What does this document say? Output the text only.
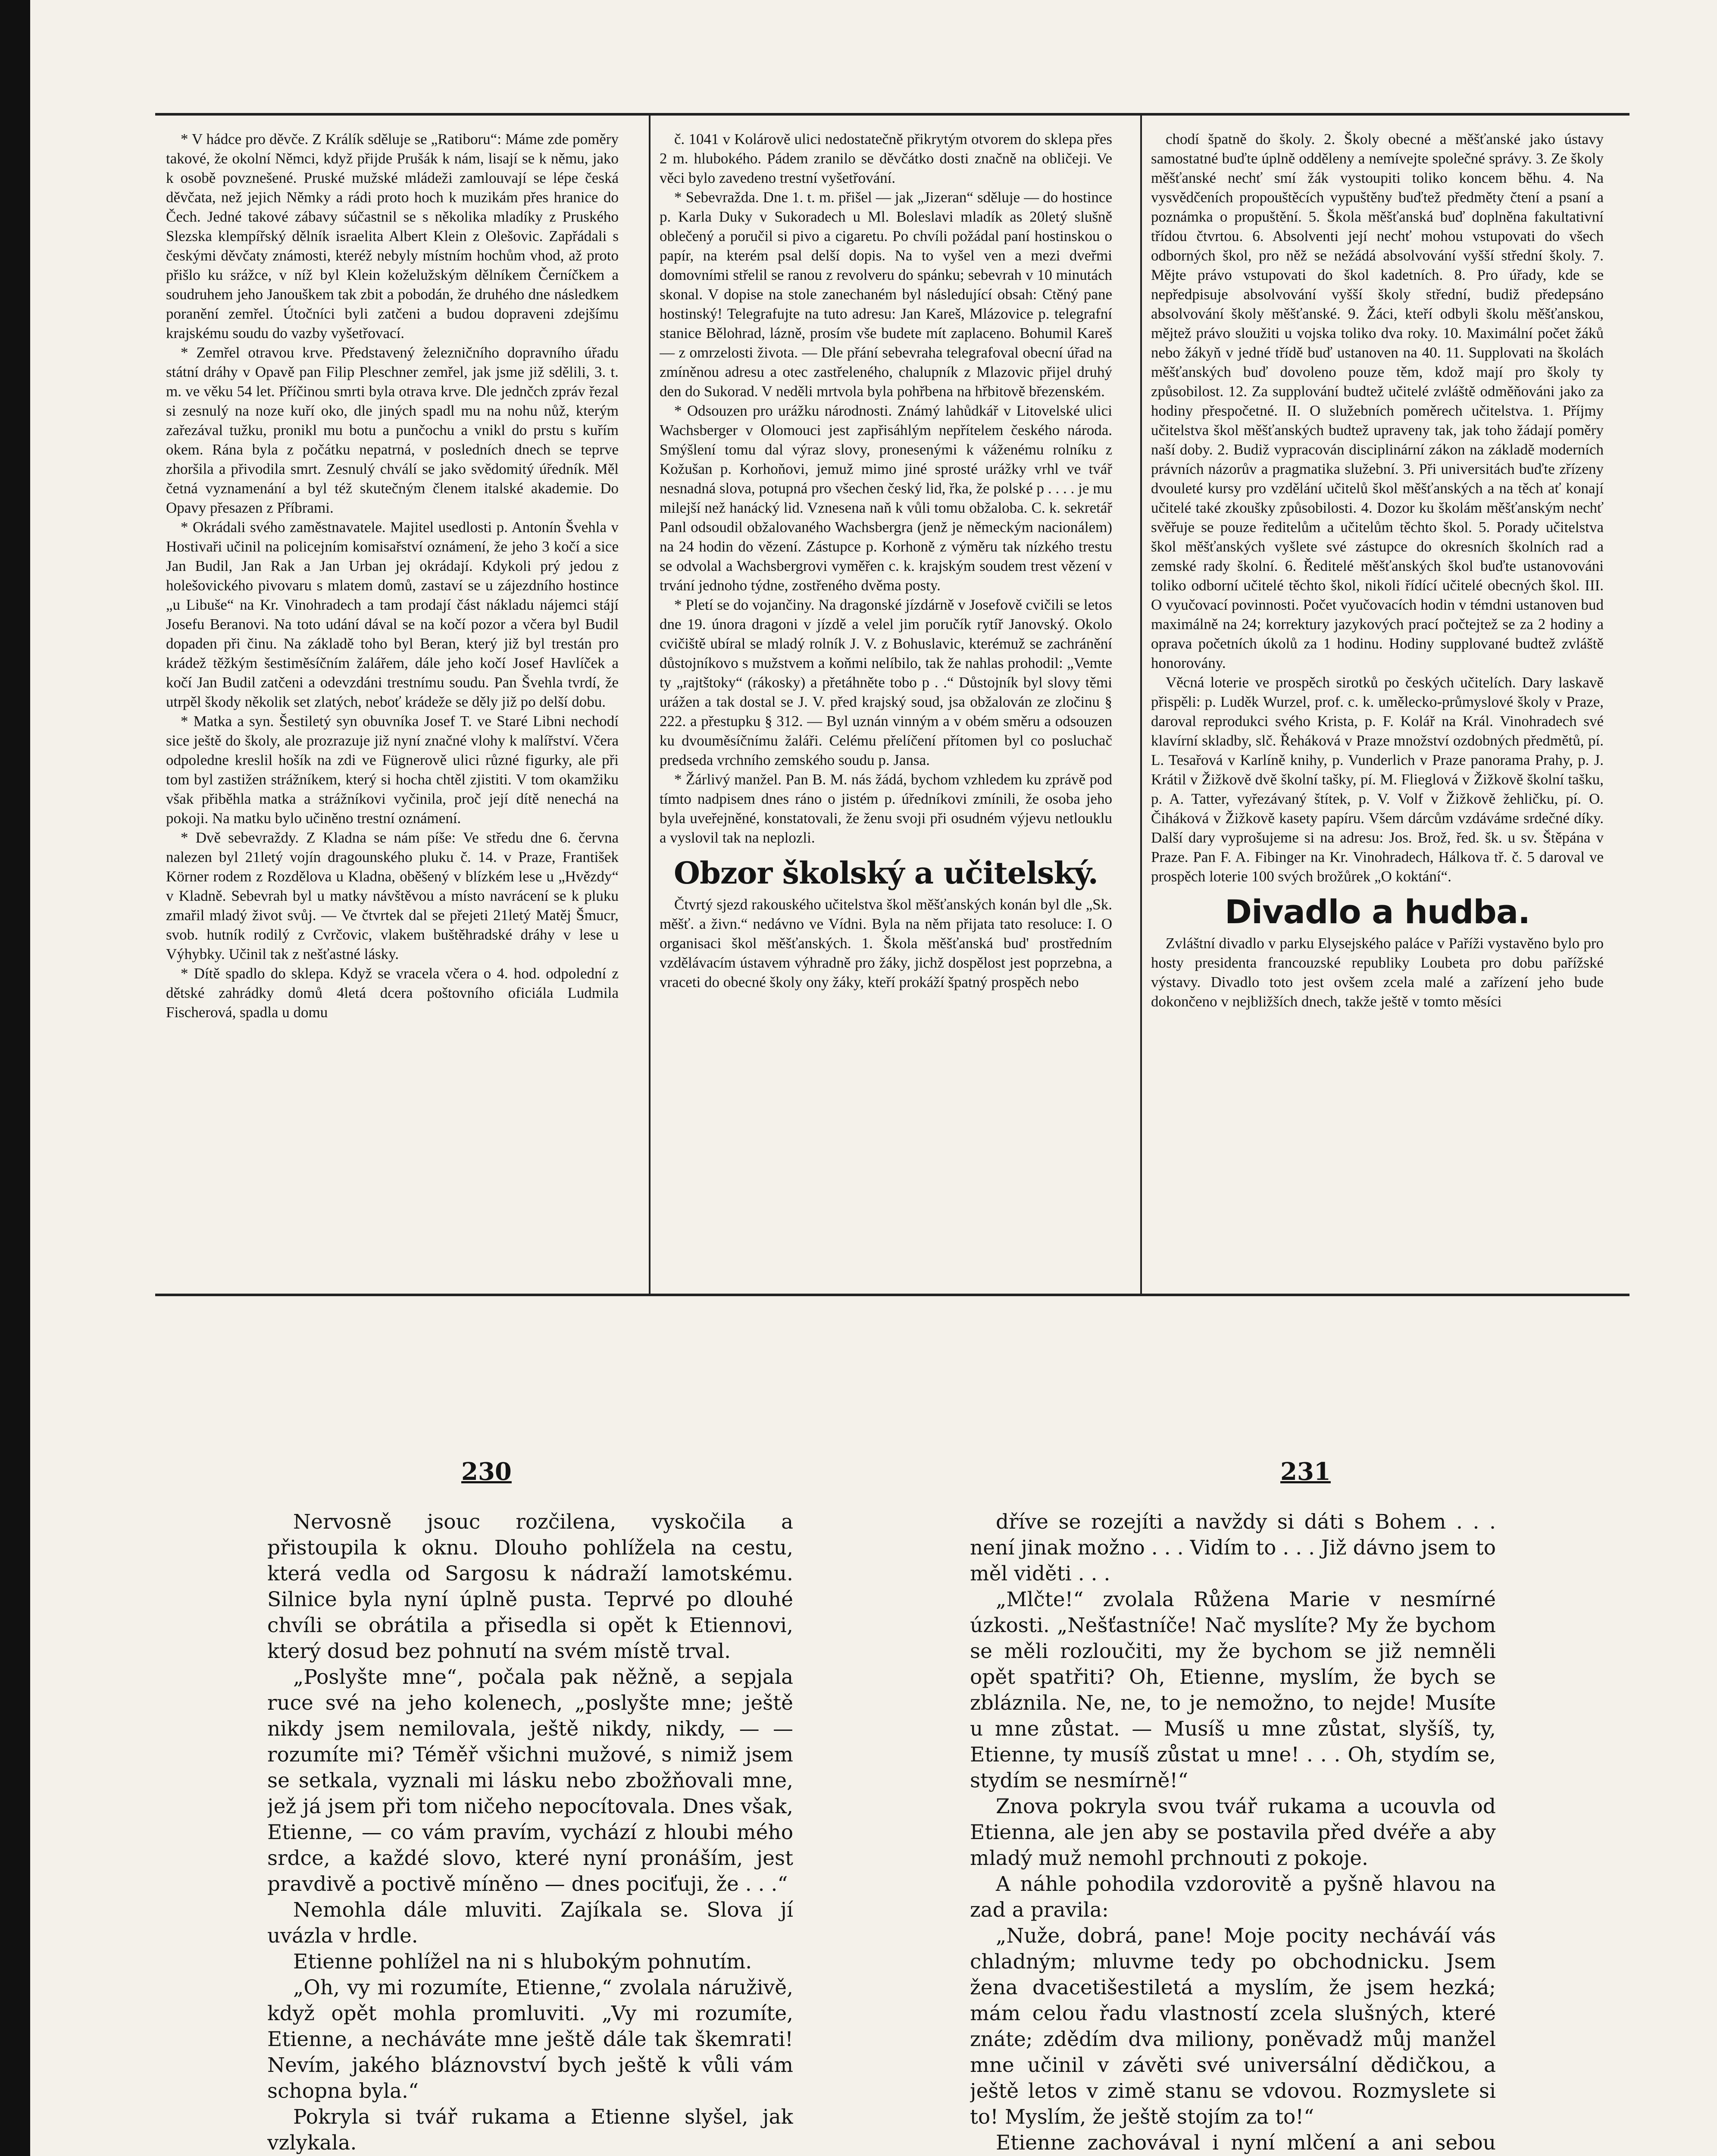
* V hádce pro děvče. Z Králík sděluje se „Ratiboru“: Máme zde poměry takové, že okolní Němci, když přijde Prušák k nám, lisají se k němu, jako k osobě povznešené. Pruské mužské mládeži zamlouvají se lépe česká děvčata, než jejich Němky a rádi proto hoch k muzikám přes hranice do Čech. Jedné takové zábavy súčastnil se s několika mladíky z Pruského Slezska klempířský dělník israelita Albert Klein z Olešovic. Zapřádali s českými děvčaty známosti, kteréž nebyly místním hochům vhod, až proto přišlo ku srážce, v níž byl Klein koželužským dělníkem Černíčkem a soudruhem jeho Janouškem tak zbit a pobodán, že druhého dne následkem poranění zemřel. Útočníci byli zatčeni a budou dopraveni zdejšímu krajskému soudu do vazby vyšetřovací.

* Zemřel otravou krve. Představený železničního dopravního úřadu státní dráhy v Opavě pan Filip Pleschner zemřel, jak jsme již sdělili, 3. t. m. ve věku 54 let. Příčinou smrti byla otrava krve. Dle jednčch zpráv řezal si zesnulý na noze kuří oko, dle jiných spadl mu na nohu nůž, kterým zařezával tužku, pronikl mu botu a punčochu a vnikl do prstu s kuřím okem. Rána byla z počátku nepatrná, v posledních dnech se teprve zhoršila a přivodila smrt. Zesnulý chválí se jako svědomitý úředník. Měl četná vyznamenání a byl též skutečným členem italské akademie. Do Opavy přesazen z Příbrami.

* Okrádali svého zaměstnavatele. Majitel usedlosti p. Antonín Švehla v Hostivaři učinil na policejním komisařství oznámení, že jeho 3 kočí a sice Jan Budil, Jan Rak a Jan Urban jej okrádají. Kdykoli prý jedou z holešovického pivovaru s mlatem domů, zastaví se u zájezdního hostince „u Libuše“ na Kr. Vinohradech a tam prodají část nákladu nájemci stájí Josefu Beranovi. Na toto udání dával se na kočí pozor a včera byl Budil dopaden při činu. Na základě toho byl Beran, který již byl trestán pro krádež těžkým šestiměsíčním žalářem, dále jeho kočí Josef Havlíček a kočí Jan Budil zatčeni a odevzdáni trestnímu soudu. Pan Švehla tvrdí, že utrpěl škody několik set zlatých, neboť krádeže se děly již po delší dobu.

* Matka a syn. Šestiletý syn obuvníka Josef T. ve Staré Libni nechodí sice ještě do školy, ale prozrazuje již nyní značné vlohy k malířství. Včera odpoledne kreslil hošík na zdi ve Fügnerově ulici různé figurky, ale při tom byl zastižen strážníkem, který si hocha chtěl zjistiti. V tom okamžiku však přiběhla matka a strážníkovi vyčinila, proč její dítě nenechá na pokoji. Na matku bylo učiněno trestní oznámení.

* Dvě sebevraždy. Z Kladna se nám píše: Ve středu dne 6. června nalezen byl 21letý vojín dragounského pluku č. 14. v Praze, František Körner rodem z Rozdělova u Kladna, oběšený v blízkém lese u „Hvězdy“ v Kladně. Sebevrah byl u matky návštěvou a místo navrácení se k pluku zmařil mladý život svůj. — Ve čtvrtek dal se přejeti 21letý Matěj Šmucr, svob. hutník rodilý z Cvrčovic, vlakem buštěhradské dráhy v lese u Výhybky. Učinil tak z nešťastné lásky.

* Dítě spadlo do sklepa. Když se vracela včera o 4. hod. odpolední z dětské zahrádky domů 4letá dcera poštovního oficiála Ludmila Fischerová, spadla u domu

č. 1041 v Kolárově ulici nedostatečně přikrytým otvorem do sklepa přes 2 m. hlubokého. Pádem zranilo se děvčátko dosti značně na obličeji. Ve věci bylo zavedeno trestní vyšetřování.

* Sebevražda. Dne 1. t. m. přišel — jak „Jizeran“ sděluje — do hostince p. Karla Duky v Sukoradech u Ml. Boleslavi mladík as 20letý slušně oblečený a poručil si pivo a cigaretu. Po chvíli požádal paní hostinskou o papír, na kterém psal delší dopis. Na to vyšel ven a mezi dveřmi domovními střelil se ranou z revolveru do spánku; sebevrah v 10 minutách skonal. V dopise na stole zanechaném byl následující obsah: Ctěný pane hostinský! Telegrafujte na tuto adresu: Jan Kareš, Mlázovice p. telegrafní stanice Bělohrad, lázně, prosím vše budete mít zaplaceno. Bohumil Kareš — z omrzelosti života. — Dle přání sebevraha telegrafoval obecní úřad na zmíněnou adresu a otec zastřeleného, chalupník z Mlazovic přijel druhý den do Sukorad. V neděli mrtvola byla pohřbena na hřbitově březenském.

* Odsouzen pro urážku národnosti. Známý lahůdkář v Litovelské ulici Wachsberger v Olomouci jest zapřisáhlým nepřítelem českého národa. Smýšlení tomu dal výraz slovy, pronesenými k váženému rolníku z Kožušan p. Korhoňovi, jemuž mimo jiné sprosté urážky vrhl ve tvář nesnadná slova, potupná pro všechen český lid, řka, že polské p . . . . je mu milejší než hanácký lid. Vznesena naň k vůli tomu obžaloba. C. k. sekretář Panl odsoudil obžalovaného Wachsbergra (jenž je německým nacionálem) na 24 hodin do vězení. Zástupce p. Korhoně z výměru tak nízkého trestu se odvolal a Wachsbergrovi vyměřen c. k. krajským soudem trest vězení v trvání jednoho týdne, zostřeného dvěma posty.

* Pletí se do vojančiny. Na dragonské jízdárně v Josefově cvičili se letos dne 19. února dragoni v jízdě a velel jim poručík rytíř Janovský. Okolo cvičiště ubíral se mladý rolník J. V. z Bohuslavic, kterémuž se zachránění důstojníkovo s mužstvem a koňmi nelíbilo, tak že nahlas prohodil: „Vemte ty „rajtštoky“ (rákosky) a přetáhněte tobo p . .“ Důstojník byl slovy těmi urážen a tak dostal se J. V. před krajský soud, jsa obžalován ze zločinu § 222. a přestupku § 312. — Byl uznán vinným a v obém směru a odsouzen ku dvouměsíčnímu žaláři. Celému přelíčení přítomen byl co posluchač predseda vrchního zemského soudu p. Jansa.

* Žárlivý manžel. Pan B. M. nás žádá, bychom vzhledem ku zprávě pod tímto nadpisem dnes ráno o jistém p. úředníkovi zmínili, že osoba jeho byla uveřejněné, konstatovali, že ženu svoji při osudném výjevu netlouklu a vyslovil tak na neplozli.

Obzor školský a učitelský.

Čtvrtý sjezd rakouského učitelstva škol měšťanských konán byl dle „Sk. měšť. a živn.“ nedávno ve Vídni. Byla na něm přijata tato resoluce: I. O organisaci škol měšťanských. 1. Škola měšťanská bud' prostředním vzdělávacím ústavem výhradně pro žáky, jichž dospělost jest poprzebna, a vraceti do obecné školy ony žáky, kteří prokáží špatný prospěch nebo

chodí špatně do školy. 2. Školy obecné a měšťanské jako ústavy samostatné buďte úplně odděleny a nemívejte společné správy. 3. Ze školy měšťanské nechť smí žák vystoupiti toliko koncem běhu. 4. Na vysvědčeních propouštěcích vypuštěny buďtež předměty čtení a psaní a poznámka o propuštění. 5. Škola měšťanská buď doplněna fakultativní třídou čtvrtou. 6. Absolventi její nechť mohou vstupovati do všech odborných škol, pro něž se nežádá absolvování vyšší střední školy. 7. Mějte právo vstupovati do škol kadetních. 8. Pro úřady, kde se nepředpisuje absolvování vyšší školy střední, budiž předepsáno absolvování školy měšťanské. 9. Žáci, kteří odbyli školu měšťanskou, mějtež právo sloužiti u vojska toliko dva roky. 10. Maximální počet žáků nebo žákyň v jedné třídě buď ustanoven na 40. 11. Supplovati na školách měšťanských buď dovoleno pouze těm, kdož mají pro školy ty způsobilost. 12. Za supplování budtež učitelé zvláště odměňováni jako za hodiny přespočetné. II. O služebních poměrech učitelstva. 1. Příjmy učitelstva škol měšťanských budtež upraveny tak, jak toho žádají poměry naší doby. 2. Budiž vypracován disciplinární zákon na základě moderních právních názorův a pragmatika služební. 3. Při universitách buďte zřízeny dvouleté kursy pro vzdělání učitelů škol měšťanských a na těch ať konají učitelé také zkoušky způsobilosti. 4. Dozor ku školám měšťanským nechť svěřuje se pouze ředitelům a učitelům těchto škol. 5. Porady učitelstva škol měšťanských vyšlete své zástupce do okresních školních rad a zemské rady školní. 6. Ředitelé měšťanských škol buďte ustanovováni toliko odborní učitelé těchto škol, nikoli řídící učitelé obecných škol. III. O vyučovací povinnosti. Počet vyučovacích hodin v témdni ustanoven bud maximálně na 24; korrektury jazykových prací počtejtež se za 2 hodiny a oprava početních úkolů za 1 hodinu. Hodiny supplované budtež zvláště honorovány.

Věcná loterie ve prospěch sirotků po českých učitelích. Dary laskavě přispěli: p. Luděk Wurzel, prof. c. k. umělecko-průmyslové školy v Praze, daroval reprodukci svého Krista, p. F. Kolář na Král. Vinohradech své klavírní skladby, slč. Řeháková v Praze množství ozdobných předmětů, pí. L. Tesařová v Karlíně knihy, p. Vunderlich v Praze panorama Prahy, p. J. Krátil v Žižkově dvě školní tašky, pí. M. Flieglová v Žižkově školní tašku, p. A. Tatter, vyřezávaný štítek, p. V. Volf v Žižkově žehličku, pí. O. Čiháková v Žižkově kasety papíru. Všem dárcům vzdáváme srdečné díky. Další dary vyprošujeme si na adresu: Jos. Brož, řed. šk. u sv. Štěpána v Praze. Pan F. A. Fibinger na Kr. Vinohradech, Hálkova tř. č. 5 daroval ve prospěch loterie 100 svých brožůrek „O koktání“.

Divadlo a hudba.

Zvláštní divadlo v parku Elysejského paláce v Paříži vystavěno bylo pro hosty presidenta francouzské republiky Loubeta pro dobu pařížské výstavy. Divadlo toto jest ovšem zcela malé a zařízení jeho bude dokončeno v nejbližších dnech, takže ještě v tomto měsíci

230	231

Nervosně jsouc rozčilena, vyskočila a přistoupila k oknu. Dlouho pohlížela na cestu, která vedla od Sargosu k nádraží lamotskému. Silnice byla nyní úplně pusta. Teprvé po dlouhé chvíli se obrátila a přisedla si opět k Etiennovi, který dosud bez pohnutí na svém místě trval.

„Poslyšte mne“, počala pak něžně, a sepjala ruce své na jeho kolenech, „poslyšte mne; ještě nikdy jsem nemilovala, ještě nikdy, nikdy, — — rozumíte mi? Téměř všichni mužové, s nimiž jsem se setkala, vyznali mi lásku nebo zbožňovali mne, jež já jsem při tom ničeho nepocítovala. Dnes však, Etienne, — co vám pravím, vychází z hloubi mého srdce, a každé slovo, které nyní pronáším, jest pravdivě a poctivě míněno — dnes pociťuji, že . . .“

Nemohla dále mluviti. Zajíkala se. Slova jí uvázla v hrdle.

Etienne pohlížel na ni s hlubokým pohnutím.

„Oh, vy mi rozumíte, Etienne,“ zvolala náruživě, když opět mohla promluviti. „Vy mi rozumíte, Etienne, a necháváte mne ještě dále tak škemrati! Nevím, jakého bláznovství bych ještě k vůli vám schopna byla.“

Pokryla si tvář rukama a Etienne slyšel, jak vzlykala.

dříve se rozejíti a navždy si dáti s Bohem . . . není jinak možno . . . Vidím to . . . Již dávno jsem to měl viděti . . .

„Mlčte!“ zvolala Růžena Marie v nesmírné úzkosti. „Nešťastníče! Nač myslíte? My že bychom se měli rozloučiti, my že bychom se již nemněli opět spatřiti? Oh, Etienne, myslím, že bych se zbláznila. Ne, ne, to je nemožno, to nejde! Musíte u mne zůstat. — Musíš u mne zůstat, slyšíš, ty, Etienne, ty musíš zůstat u mne! . . . Oh, stydím se, stydím se nesmírně!“

Znova pokryla svou tvář rukama a ucouvla od Etienna, ale jen aby se postavila před dvéře a aby mladý muž nemohl prchnouti z pokoje.

A náhle pohodila vzdorovitě a pyšně hlavou na zad a pravila:

„Nuže, dobrá, pane! Moje pocity necháváí vás chladným; mluvme tedy po obchodnicku. Jsem žena dvacetišestiletá a myslím, že jsem hezká; mám celou řadu vlastností zcela slušných, které znáte; zdědím dva miliony, poněvadž můj manžel mne učinil v závěti své universální dědičkou, a ještě letos v zimě stanu se vdovou. Rozmyslete si to! Myslím, že ještě stojím za to!“

Etienne zachovával i nyní mlčení a ani sebou
